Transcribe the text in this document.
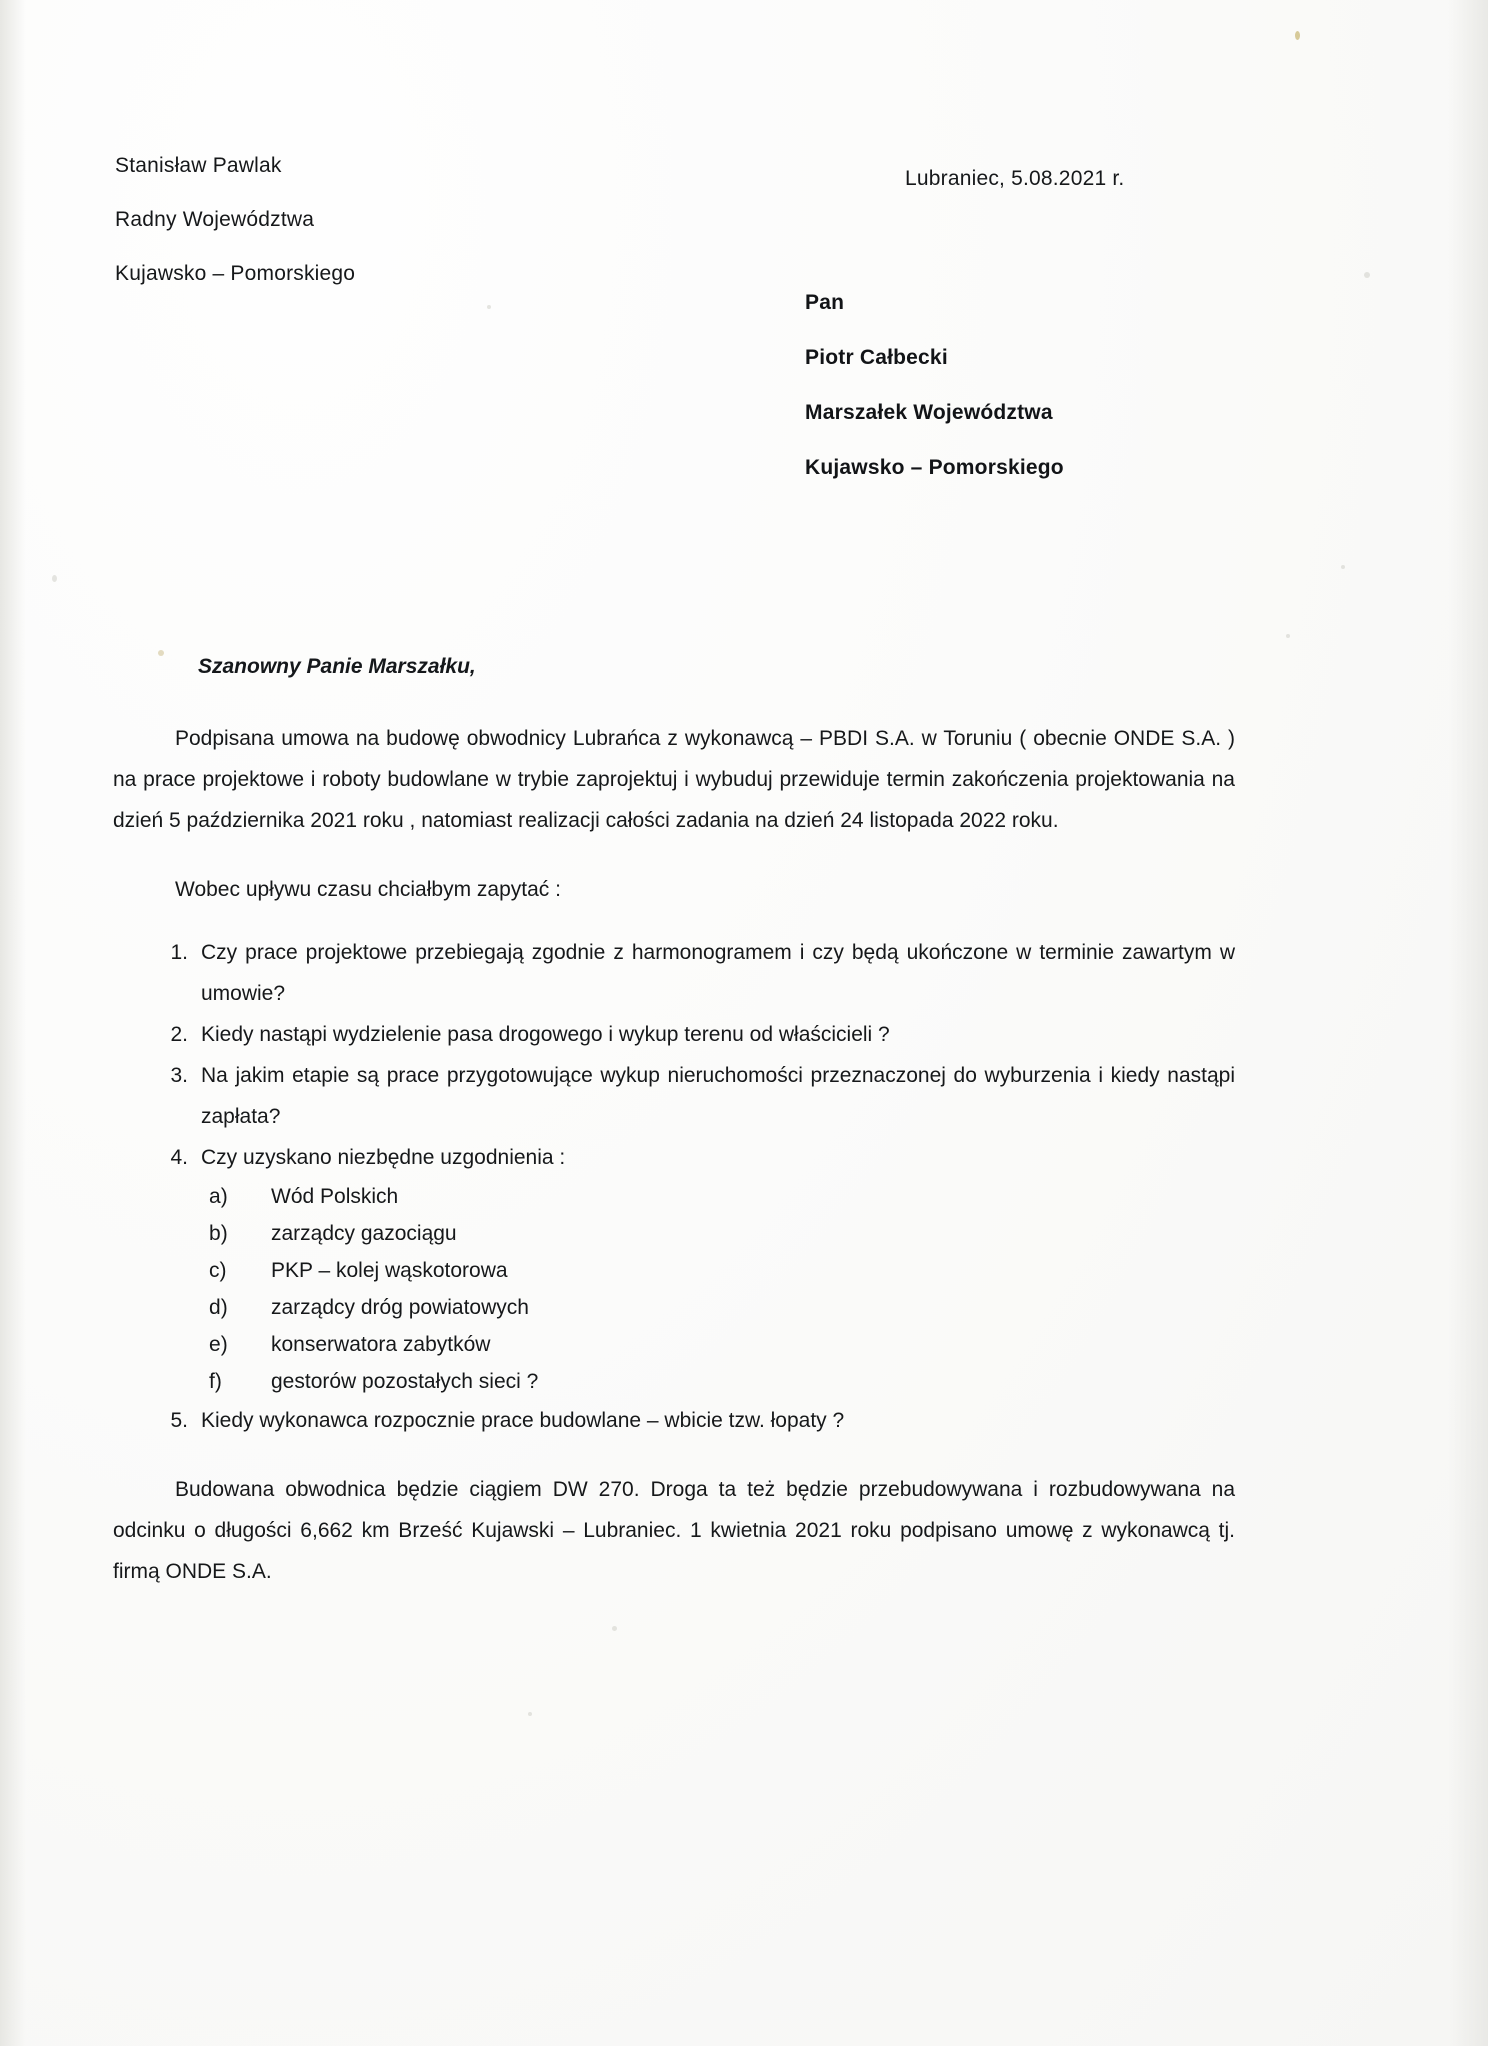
Stanisław Pawlak
Radny Województwa
Kujawsko – Pomorskiego
Lubraniec, 5.08.2021 r.
Pan
Piotr Całbecki
Marszałek Województwa
Kujawsko – Pomorskiego
Szanowny Panie Marszałku,

Podpisana umowa na budowę obwodnicy Lubrańca z wykonawcą – PBDI S.A. w Toruniu ( obecnie ONDE S.A. ) na prace projektowe i roboty budowlane w trybie zaprojektuj i wybuduj przewiduje termin zakończenia projektowania na dzień 5 października 2021 roku , natomiast realizacji całości zadania na dzień 24 listopada 2022 roku.

Wobec upływu czasu chciałbym zapytać :

Czy prace projektowe przebiegają zgodnie z harmonogramem i czy będą ukończone w terminie zawartym w umowie?
Kiedy nastąpi wydzielenie pasa drogowego i wykup terenu od właścicieli ?
Na jakim etapie są prace przygotowujące wykup nieruchomości przeznaczonej do wyburzenia i kiedy nastąpi zapłata?
Czy uzyskano niezbędne uzgodnienia :
Wód Polskich
zarządcy gazociągu
PKP – kolej wąskotorowa
zarządcy dróg powiatowych
konserwatora zabytków
gestorów pozostałych sieci ?
Kiedy wykonawca rozpocznie prace budowlane – wbicie tzw. łopaty ?

Budowana obwodnica będzie ciągiem DW 270. Droga ta też będzie przebudowywana i rozbudowywana na odcinku o długości 6,662 km Brześć Kujawski – Lubraniec. 1 kwietnia 2021 roku podpisano umowę z wykonawcą tj. firmą ONDE S.A.
